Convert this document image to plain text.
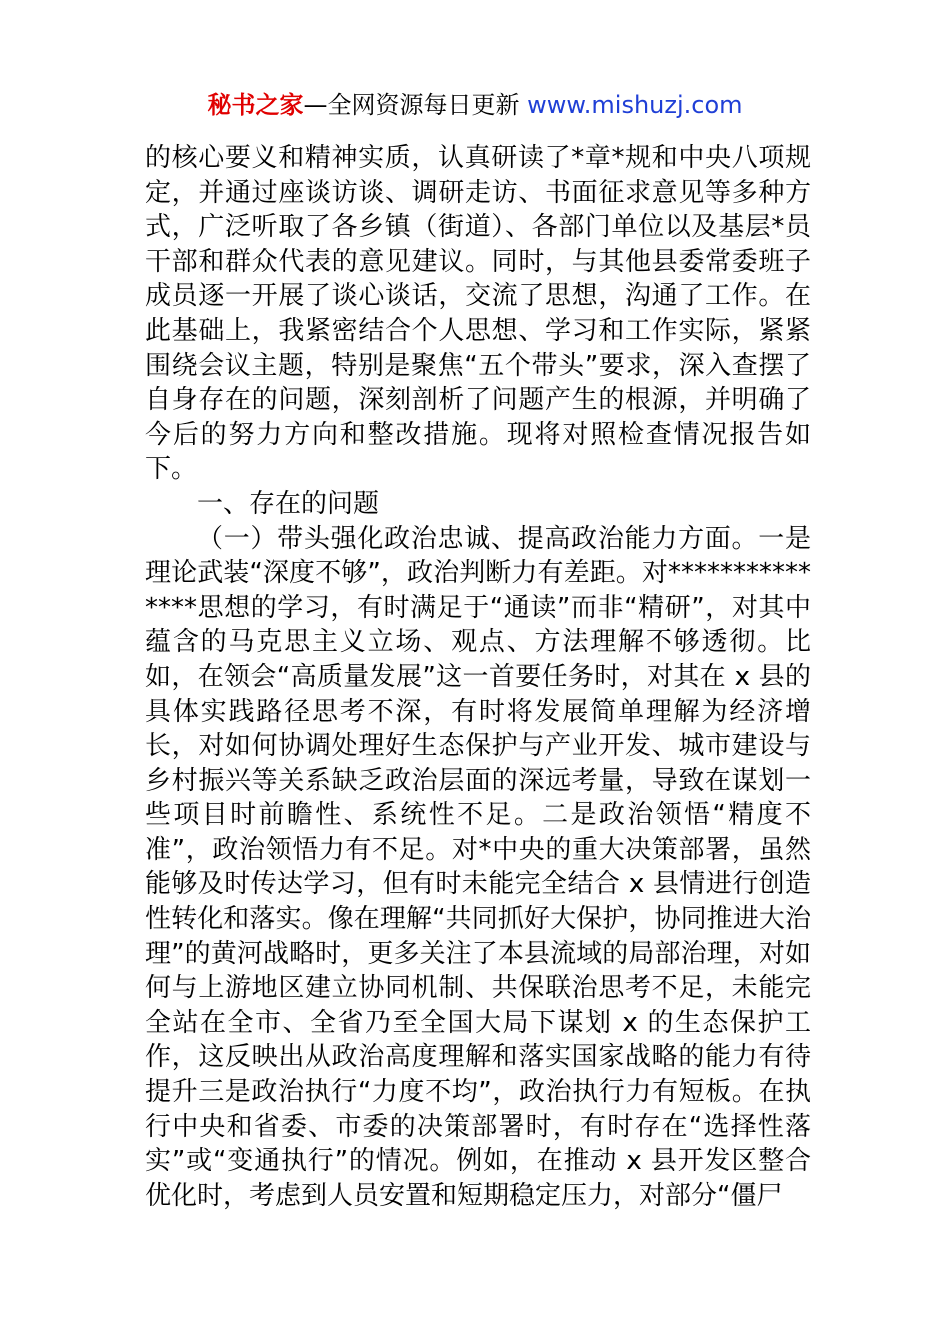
秘书之家—全网资源每日更新 www.mishuzj.com

的核心要义和精神实质，认真研读了*章*规和中央八项规定，并通过座谈访谈、调研走访、书面征求意见等多种方式，广泛听取了各乡镇（街道）、各部门单位以及基层*员干部和群众代表的意见建议。同时，与其他县委常委班子成员逐一开展了谈心谈话，交流了思想，沟通了工作。在此基础上，我紧密结合个人思想、学习和工作实际，紧紧围绕会议主题，特别是聚焦“五个带头”要求，深入查摆了自身存在的问题，深刻剖析了问题产生的根源，并明确了今后的努力方向和整改措施。现将对照检查情况报告如下。

一、存在的问题

（一）带头强化政治忠诚、提高政治能力方面。一是理论武装“深度不够”，政治判断力有差距。对***************思想的学习，有时满足于“通读”而非“精研”，对其中蕴含的马克思主义立场、观点、方法理解不够透彻。比如，在领会“高质量发展”这一首要任务时，对其在 x 县的具体实践路径思考不深，有时将发展简单理解为经济增长，对如何协调处理好生态保护与产业开发、城市建设与乡村振兴等关系缺乏政治层面的深远考量，导致在谋划一些项目时前瞻性、系统性不足。二是政治领悟“精度不准”，政治领悟力有不足。对*中央的重大决策部署，虽然能够及时传达学习，但有时未能完全结合 x 县情进行创造性转化和落实。像在理解“共同抓好大保护，协同推进大治理”的黄河战略时，更多关注了本县流域的局部治理，对如何与上游地区建立协同机制、共保联治思考不足，未能完全站在全市、全省乃至全国大局下谋划 x 的生态保护工作，这反映出从政治高度理解和落实国家战略的能力有待提升三是政治执行“力度不均”，政治执行力有短板。在执行中央和省委、市委的决策部署时，有时存在“选择性落实”或“变通执行”的情况。例如，在推动 x 县开发区整合优化时，考虑到人员安置和短期稳定压力，对部分“僵尸
